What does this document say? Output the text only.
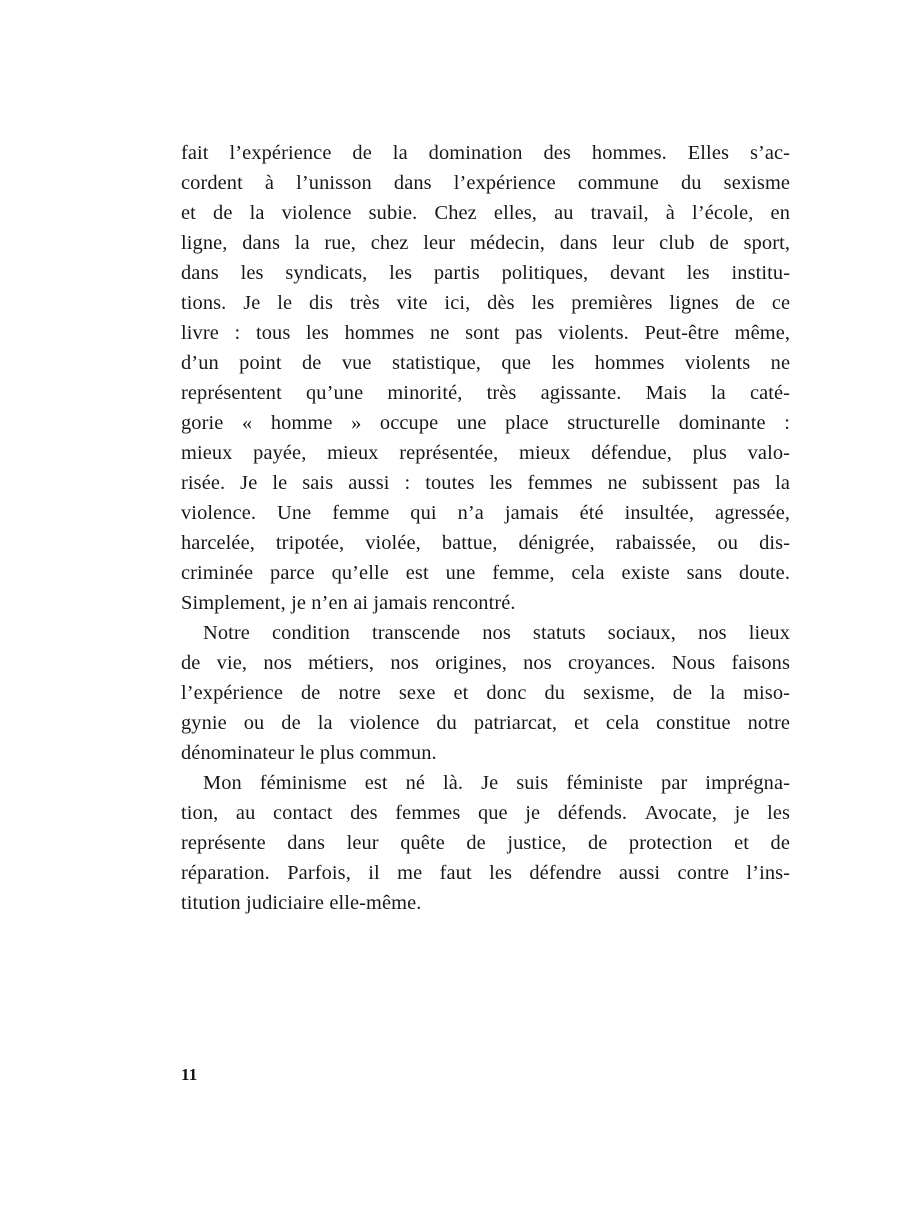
fait l’expérience de la domination des hommes. Elles s’ac-
cordent à l’unisson dans l’expérience commune du sexisme
et de la violence subie. Chez elles, au travail, à l’école, en
ligne, dans la rue, chez leur médecin, dans leur club de sport,
dans les syndicats, les partis politiques, devant les institu-
tions. Je le dis très vite ici, dès les premières lignes de ce
livre : tous les hommes ne sont pas violents. Peut-être même,
d’un point de vue statistique, que les hommes violents ne
représentent qu’une minorité, très agissante. Mais la caté-
gorie « homme » occupe une place structurelle dominante :
mieux payée, mieux représentée, mieux défendue, plus valo-
risée. Je le sais aussi : toutes les femmes ne subissent pas la
violence. Une femme qui n’a jamais été insultée, agressée,
harcelée, tripotée, violée, battue, dénigrée, rabaissée, ou dis-
criminée parce qu’elle est une femme, cela existe sans doute.
Simplement, je n’en ai jamais rencontré.

Notre condition transcende nos statuts sociaux, nos lieux
de vie, nos métiers, nos origines, nos croyances. Nous faisons
l’expérience de notre sexe et donc du sexisme, de la miso-
gynie ou de la violence du patriarcat, et cela constitue notre
dénominateur le plus commun.

Mon féminisme est né là. Je suis féministe par imprégna-
tion, au contact des femmes que je défends. Avocate, je les
représente dans leur quête de justice, de protection et de
réparation. Parfois, il me faut les défendre aussi contre l’ins-
titution judiciaire elle-même.

11
